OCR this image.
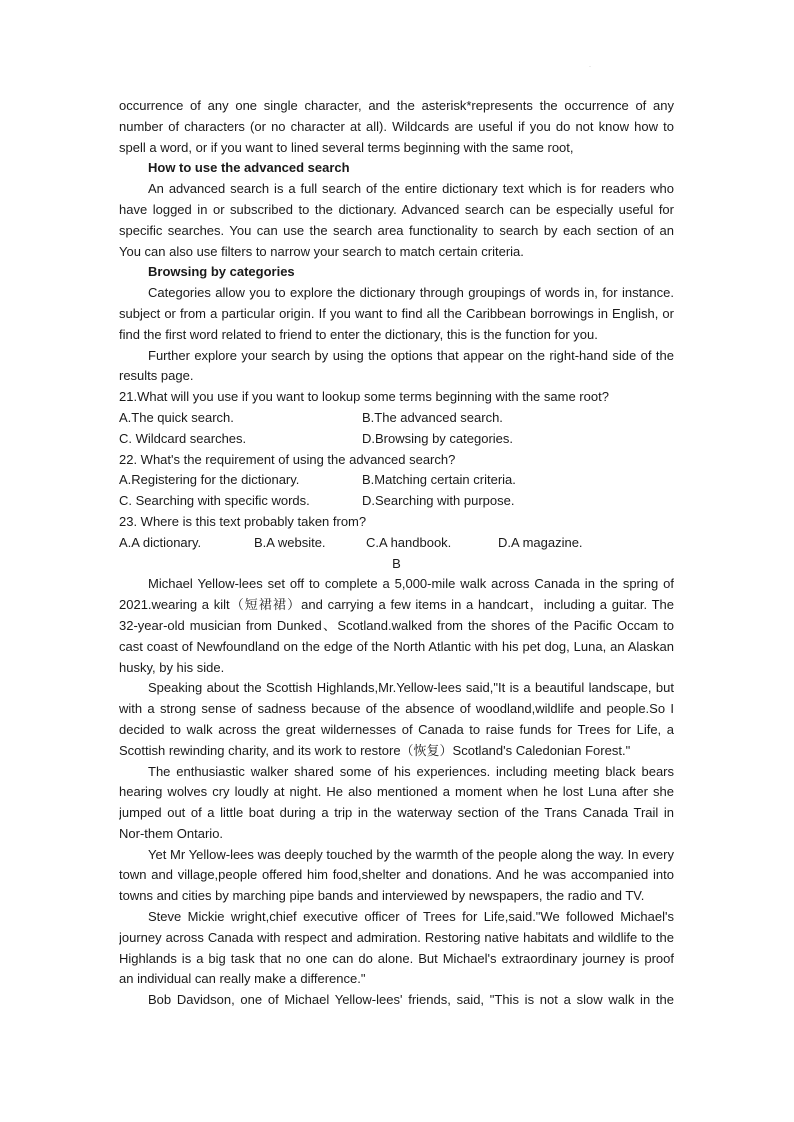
·
occurrence of any one single character, and the asterisk*represents the occurrence of any
number of characters (or no character at all). Wildcards are useful if you do not know how to
spell a word, or if you want to lined several terms beginning with the same root,
How to use the advanced search
An advanced search is a full search of the entire dictionary text which is for readers who
have logged in or subscribed to the dictionary. Advanced search can be especially useful for
specific searches. You can use the search area functionality to search by each section of an
You can also use filters to narrow your search to match certain criteria.
Browsing by categories
Categories allow you to explore the dictionary through groupings of words in, for instance.
subject or from a particular origin. If you want to find all the Caribbean borrowings in English, or
find the first word related to friend to enter the dictionary, this is the function for you.
Further explore your search by using the options that appear on the right-hand side of the
results page.
21.What will you use if you want to lookup some terms beginning with the same root?
A.The quick search.	B.The advanced search.
C. Wildcard searches.	D.Browsing by categories.
22. What's the requirement of using the advanced search?
A.Registering for the dictionary.	B.Matching certain criteria.
C. Searching with specific words.	D.Searching with purpose.
23. Where is this text probably taken from?
A.A dictionary.	B.A website.	C.A handbook.	D.A magazine.
B
Michael Yellow-lees set off to complete a 5,000-mile walk across Canada in the spring of
2021.wearing a kilt（短裙裙）and carrying a few items in a handcart，including a guitar. The
32-year-old musician from Dunked、Scotland.walked from the shores of the Pacific Occam to
cast coast of Newfoundland on the edge of the North Atlantic with his pet dog, Luna, an Alaskan
husky, by his side.
Speaking about the Scottish Highlands,Mr.Yellow-lees said,"It is a beautiful landscape, but
with a strong sense of sadness because of the absence of woodland,wildlife and people.So I
decided to walk across the great wildernesses of Canada to raise funds for Trees for Life, a
Scottish rewinding charity, and its work to restore（恢复）Scotland's Caledonian Forest."
The enthusiastic walker shared some of his experiences. including meeting black bears
hearing wolves cry loudly at night. He also mentioned a moment when he lost Luna after she
jumped out of a little boat during a trip in the waterway section of the Trans Canada Trail in
Nor-them Ontario.
Yet Mr Yellow-lees was deeply touched by the warmth of the people along the way. In every
town and village,people offered him food,shelter and donations. And he was accompanied into
towns and cities by marching pipe bands and interviewed by newspapers, the radio and TV.
Steve Mickie wright,chief executive officer of Trees for Life,said."We followed Michael's
journey across Canada with respect and admiration. Restoring native habitats and wildlife to the
Highlands is a big task that no one can do alone. But Michael's extraordinary journey is proof
an individual can really make a difference."
Bob Davidson, one of Michael Yellow-lees' friends, said, "This is not a slow walk in the
